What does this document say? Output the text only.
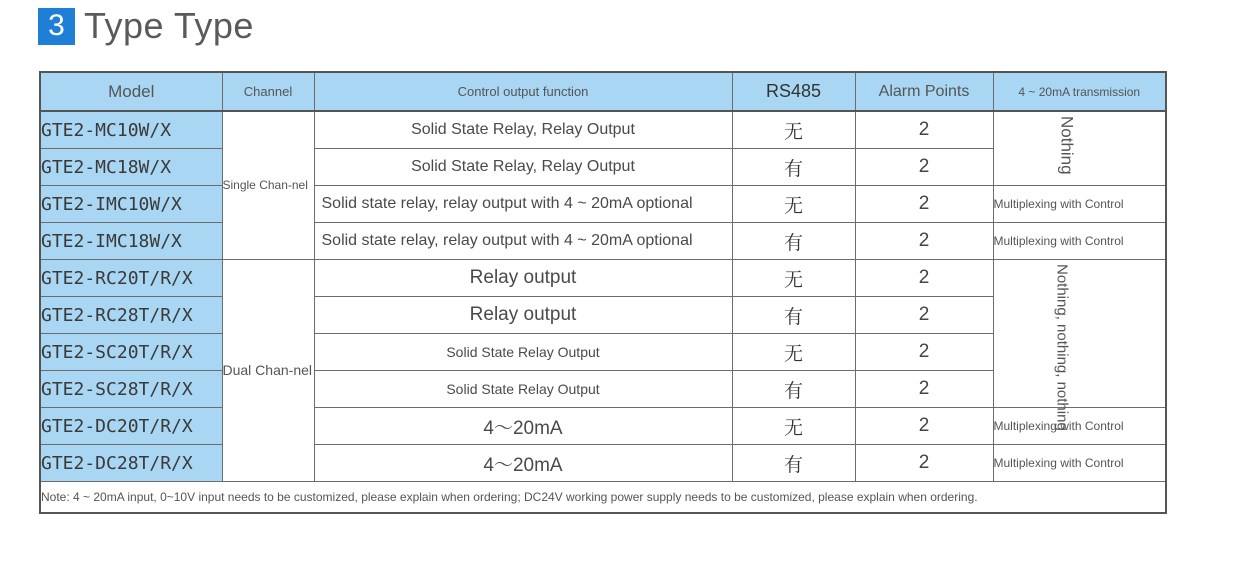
3 Type Type
Model	Channel	Control output function	RS485	Alarm Points	4 ~ 20mA transmission
GTE2-MC10W/X	Single Chan-nel	Solid State Relay, Relay Output	无	2	Nothing

GTE2-MC18W/X		Solid State Relay, Relay Output	有	2	
GTE2-IMC10W/X		Solid state relay, relay output with 4 ~ 20mA optional	无	2	Multiplexing with Control
GTE2-IMC18W/X		Solid state relay, relay output with 4 ~ 20mA optional	有	2	Multiplexing with Control
GTE2-RC20T/R/X	Dual Chan-nel	Relay output	无	2	Nothing, nothing, nothing

GTE2-RC28T/R/X		Relay output	有	2	
GTE2-SC20T/R/X		Solid State Relay Output	无	2	
GTE2-SC28T/R/X		Solid State Relay Output	有	2	
GTE2-DC20T/R/X		4～20mA	无	2	Multiplexing with Control
GTE2-DC28T/R/X		4～20mA	有	2	Multiplexing with Control
Note: 4 ~ 20mA input, 0~10V input needs to be customized, please explain when ordering; DC24V working power supply needs to be customized, please explain when ordering.					
